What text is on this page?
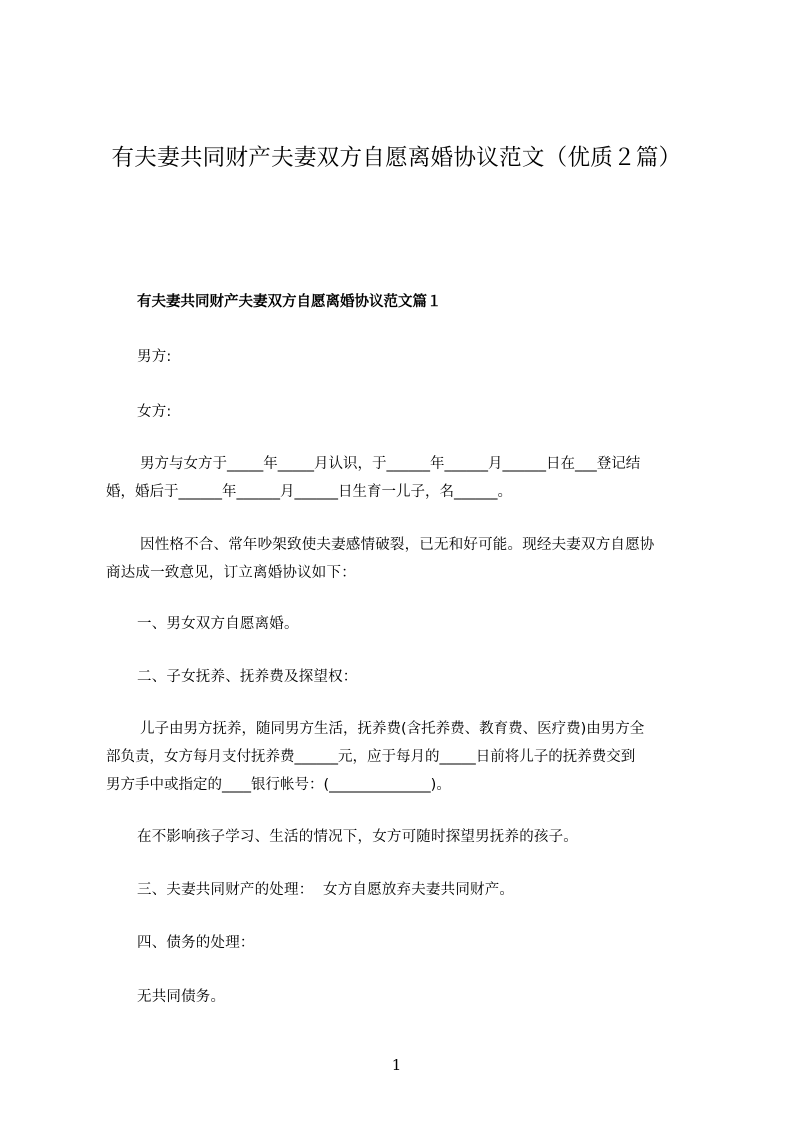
有夫妻共同财产夫妻双方自愿离婚协议范文（优质２篇）
有夫妻共同财产夫妻双方自愿离婚协议范文篇１
男方:
女方:
男方与女方于_____年_____月认识，于______年______月______日在___登记结
婚，婚后于______年______月______日生育一儿子，名______。
因性格不合、常年吵架致使夫妻感情破裂，已无和好可能。现经夫妻双方自愿协
商达成一致意见，订立离婚协议如下：
一、男女双方自愿离婚。
二、子女抚养、抚养费及探望权：
儿子由男方抚养，随同男方生活，抚养费(含托养费、教育费、医疗费)由男方全
部负责，女方每月支付抚养费______元，应于每月的_____日前将儿子的抚养费交到
男方手中或指定的____银行帐号：(______________)。
在不影响孩子学习、生活的情况下，女方可随时探望男抚养的孩子。
三、夫妻共同财产的处理：  女方自愿放弃夫妻共同财产。
四、债务的处理：
无共同债务。
1
